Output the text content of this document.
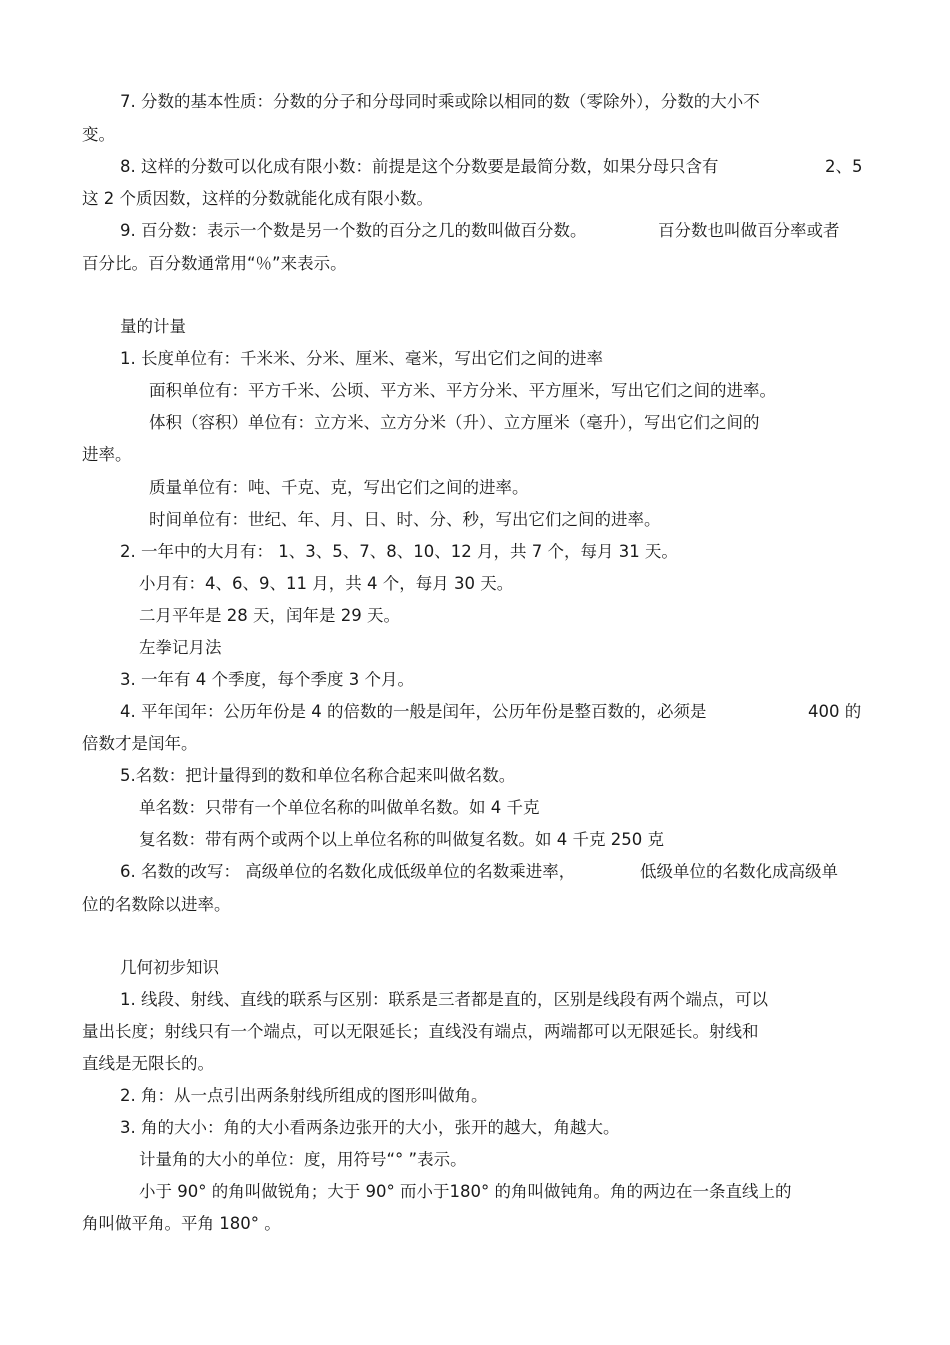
7. 分数的基本性质：分数的分子和分母同时乘或除以相同的数（零除外），分数的大小不
变。
8. 这样的分数可以化成有限小数：前提是这个分数要是最简分数，如果分母只含有	2、5
这 2 个质因数，这样的分数就能化成有限小数。
9. 百分数：表示一个数是另一个数的百分之几的数叫做百分数。	百分数也叫做百分率或者
百分比。百分数通常用“％”来表示。
量的计量
1. 长度单位有：千米米、分米、厘米、毫米，写出它们之间的进率
面积单位有：平方千米、公顷、平方米、平方分米、平方厘米，写出它们之间的进率。
体积（容积）单位有：立方米、立方分米（升）、立方厘米（毫升），写出它们之间的
进率。
质量单位有：吨、千克、克，写出它们之间的进率。
时间单位有：世纪、年、月、日、时、分、秒，写出它们之间的进率。
2. 一年中的大月有： 1、3、5、7、8、10、12 月，共 7 个，每月 31 天。
小月有：4、6、9、11 月，共 4 个，每月 30 天。
二月平年是 28 天，闰年是 29 天。
左拳记月法
3. 一年有 4 个季度，每个季度 3 个月。
4. 平年闰年：公历年份是 4 的倍数的一般是闰年，公历年份是整百数的，必须是	400 的
倍数才是闰年。
5.名数：把计量得到的数和单位名称合起来叫做名数。
单名数：只带有一个单位名称的叫做单名数。如 4 千克
复名数：带有两个或两个以上单位名称的叫做复名数。如 4 千克 250 克
6. 名数的改写： 高级单位的名数化成低级单位的名数乘进率，	低级单位的名数化成高级单
位的名数除以进率。
几何初步知识
1. 线段、射线、直线的联系与区别：联系是三者都是直的，区别是线段有两个端点，可以
量出长度；射线只有一个端点，可以无限延长；直线没有端点，两端都可以无限延长。射线和
直线是无限长的。
2. 角：从一点引出两条射线所组成的图形叫做角。
3. 角的大小：角的大小看两条边张开的大小，张开的越大，角越大。
计量角的大小的单位：度，用符号“° ”表示。
小于 90° 的角叫做锐角；大于 90° 而小于180° 的角叫做钝角。角的两边在一条直线上的
角叫做平角。平角 180° 。
